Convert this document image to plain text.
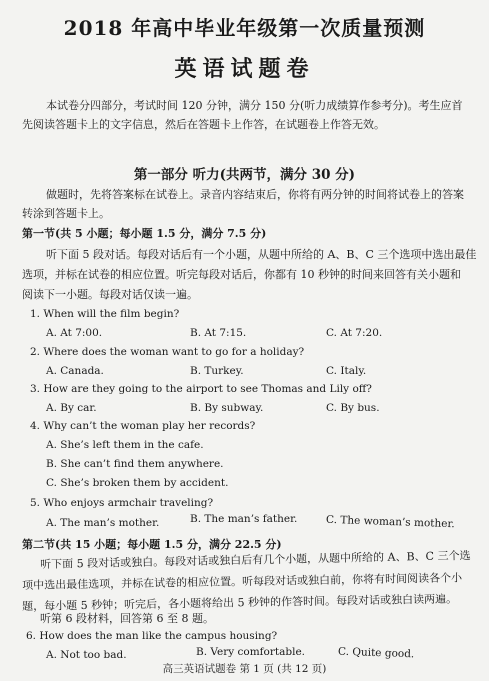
2018 年高中毕业年级第一次质量预测
英语试题卷
本试卷分四部分，考试时间 120 分钟，满分 150 分(听力成绩算作参考分)。考生应首
先阅读答题卡上的文字信息，然后在答题卡上作答，在试题卷上作答无效。
第一部分 听力(共两节，满分 30 分)
做题时，先将答案标在试卷上。录音内容结束后，你将有两分钟的时间将试卷上的答案
转涂到答题卡上。
第一节(共 5 小题；每小题 1.5 分，满分 7.5 分)
听下面 5 段对话。每段对话后有一个小题，从题中所给的 A、B、C 三个选项中选出最佳
选项，并标在试卷的相应位置。听完每段对话后，你都有 10 秒钟的时间来回答有关小题和
阅读下一小题。每段对话仅读一遍。
1. When will the film begin?
A. At 7:00.	B. At 7:15.	C. At 7:20.
2. Where does the woman want to go for a holiday?
A. Canada.	B. Turkey.	C. Italy.
3. How are they going to the airport to see Thomas and Lily off?
A. By car.	B. By subway.	C. By bus.
4. Why can’t the woman play her records?
A. She’s left them in the cafe.
B. She can’t find them anywhere.
C. She’s broken them by accident.
5. Who enjoys armchair traveling?
A. The man’s mother.	B. The man’s father.	C. The woman’s mother.
第二节(共 15 小题；每小题 1.5 分，满分 22.5 分)
听下面 5 段对话或独白。每段对话或独白后有几个小题，从题中所给的 A、B、C 三个选
项中选出最佳选项，并标在试卷的相应位置。听每段对话或独白前，你将有时间阅读各个小
题，每小题 5 秒钟；听完后，各小题将给出 5 秒钟的作答时间。每段对话或独白读两遍。
听第 6 段材料，回答第 6 至 8 题。
6. How does the man like the campus housing?
A. Not too bad.	B. Very comfortable.	C. Quite good.
高三英语试题卷 第 1 页 (共 12 页)
